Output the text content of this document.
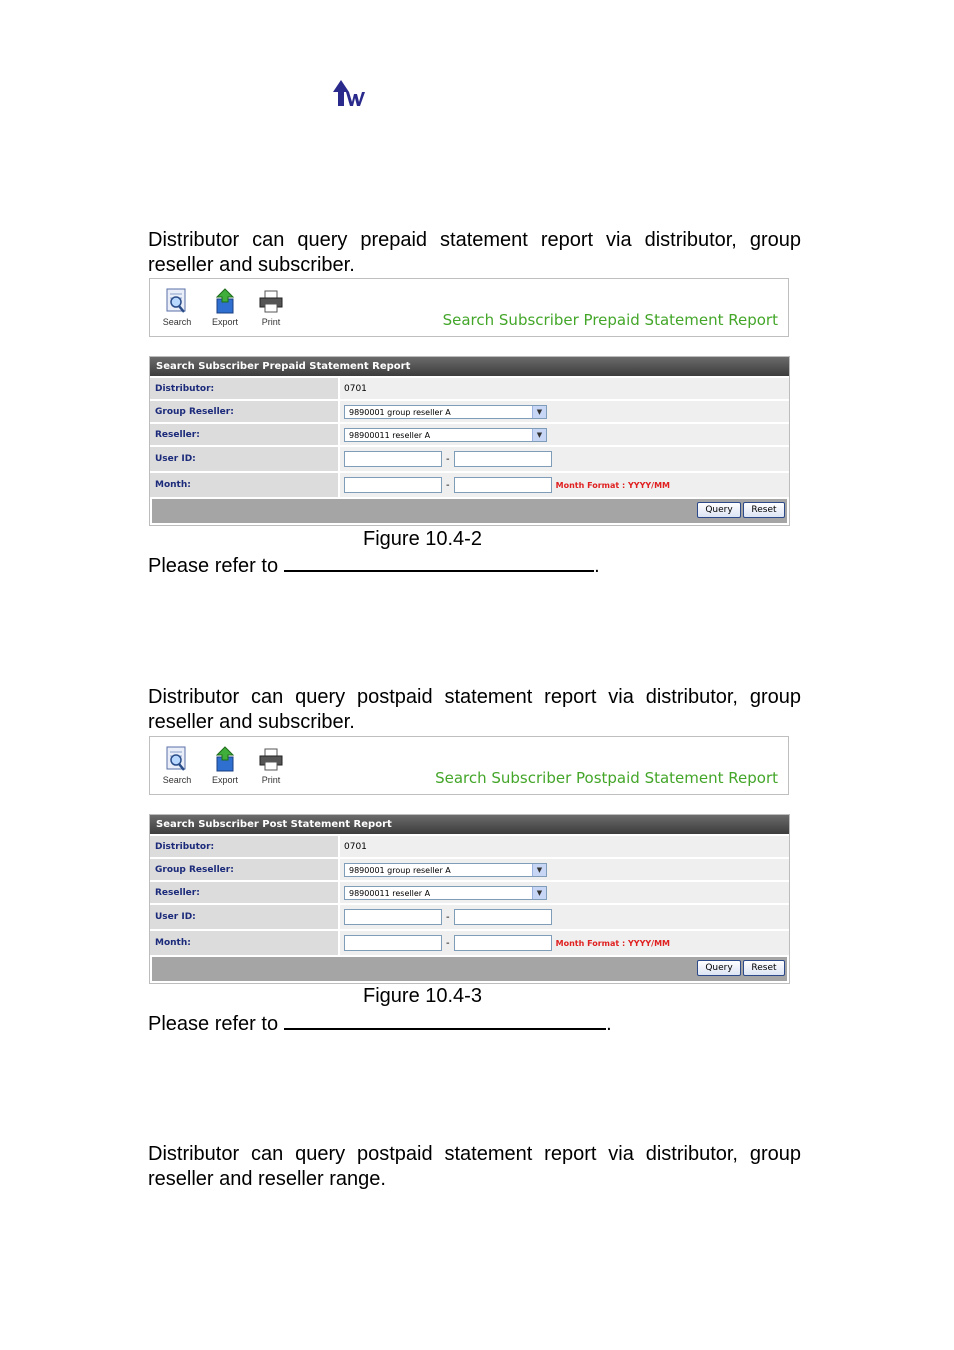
Distributor can query prepaid statement report via distributor, group reseller and subscriber.

Search	Export	Print	Search Subscriber Prepaid Statement Report
Search Subscriber Prepaid Statement Report
Distributor:	0701
Group Reseller:	9890001 group reseller A	▼
Reseller:	98900011 reseller A	▼
User ID:	-
Month:	-	Month Format : YYYY/MM
Query	Reset
Figure 10.4-2
Please refer to	.

Distributor can query postpaid statement report via distributor, group reseller and subscriber.

Search	Export	Print	Search Subscriber Postpaid Statement Report
Search Subscriber Post Statement Report
Distributor:	0701
Group Reseller:	9890001 group reseller A	▼
Reseller:	98900011 reseller A	▼
User ID:	-
Month:	-	Month Format : YYYY/MM
Query	Reset
Figure 10.4-3
Please refer to	.

Distributor can query postpaid statement report via distributor, group reseller and reseller range.
